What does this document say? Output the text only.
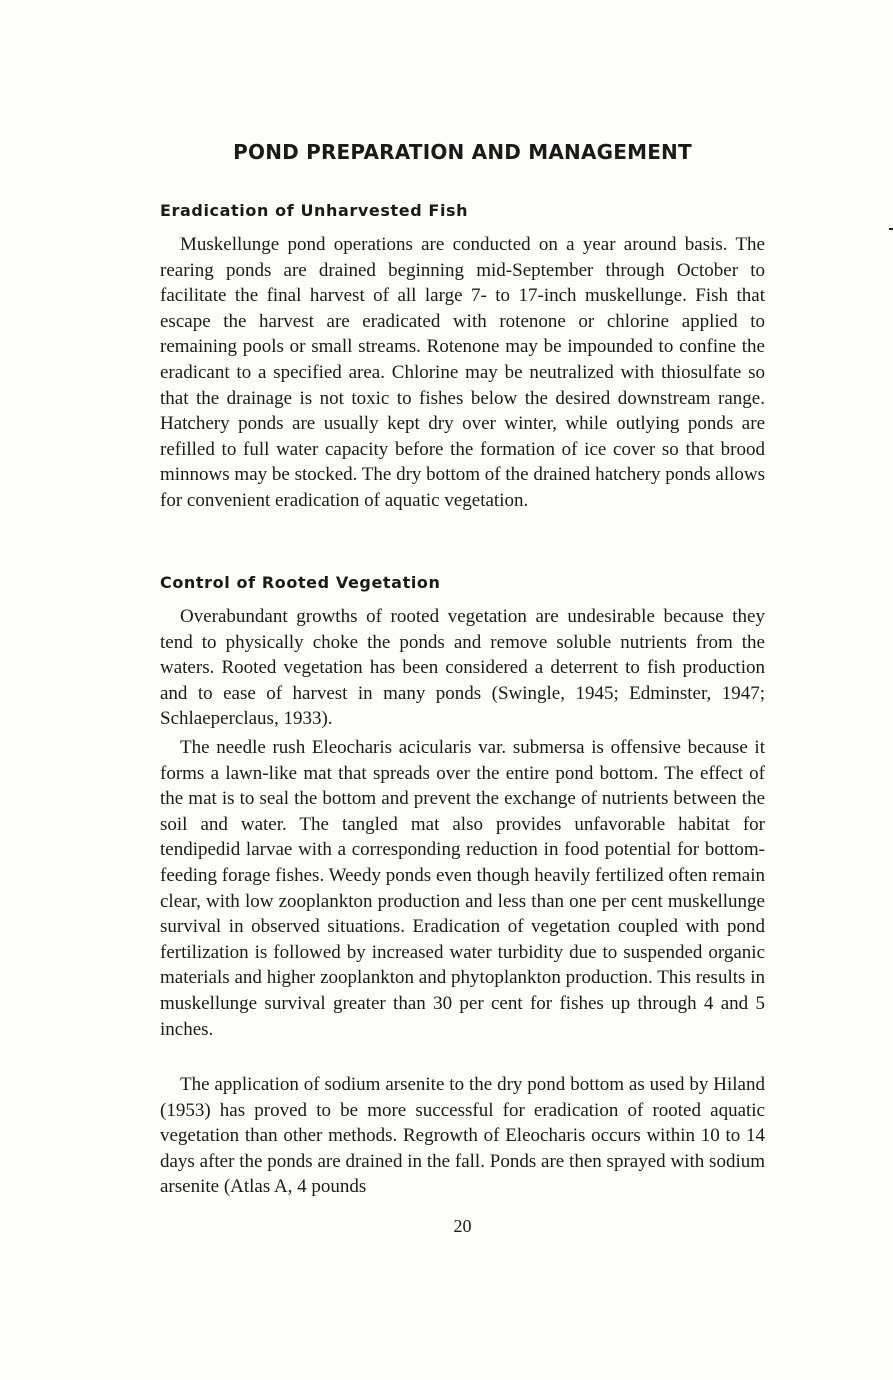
POND PREPARATION AND MANAGEMENT
Eradication of Unharvested Fish

Muskellunge pond operations are conducted on a year around basis. The rearing ponds are drained beginning mid-September through October to facilitate the final harvest of all large 7- to 17-inch muskellunge. Fish that escape the harvest are eradicated with rotenone or chlorine applied to remaining pools or small streams. Rotenone may be impounded to confine the eradicant to a specified area. Chlorine may be neutralized with thiosulfate so that the drainage is not toxic to fishes below the desired downstream range. Hatchery ponds are usually kept dry over winter, while outlying ponds are refilled to full water capacity before the formation of ice cover so that brood minnows may be stocked. The dry bottom of the drained hatchery ponds allows for convenient eradication of aquatic vegetation.

Control of Rooted Vegetation

Overabundant growths of rooted vegetation are undesirable because they tend to physically choke the ponds and remove soluble nutrients from the waters. Rooted vegetation has been considered a deterrent to fish production and to ease of harvest in many ponds (Swingle, 1945; Edminster, 1947; Schlaeperclaus, 1933).

The needle rush Eleocharis acicularis var. submersa is offensive because it forms a lawn-like mat that spreads over the entire pond bottom. The effect of the mat is to seal the bottom and prevent the exchange of nutrients between the soil and water. The tangled mat also provides unfavorable habitat for tendipedid larvae with a corresponding reduction in food potential for bottom-feeding forage fishes. Weedy ponds even though heavily fertilized often remain clear, with low zooplankton production and less than one per cent muskellunge survival in observed situations. Eradication of vegetation coupled with pond fertilization is followed by increased water turbidity due to suspended organic materials and higher zooplankton and phytoplankton production. This results in muskellunge survival greater than 30 per cent for fishes up through 4 and 5 inches.

The application of sodium arsenite to the dry pond bottom as used by Hiland (1953) has proved to be more successful for eradication of rooted aquatic vegetation than other methods. Regrowth of Eleocharis occurs within 10 to 14 days after the ponds are drained in the fall. Ponds are then sprayed with sodium arsenite (Atlas A, 4 pounds

20
